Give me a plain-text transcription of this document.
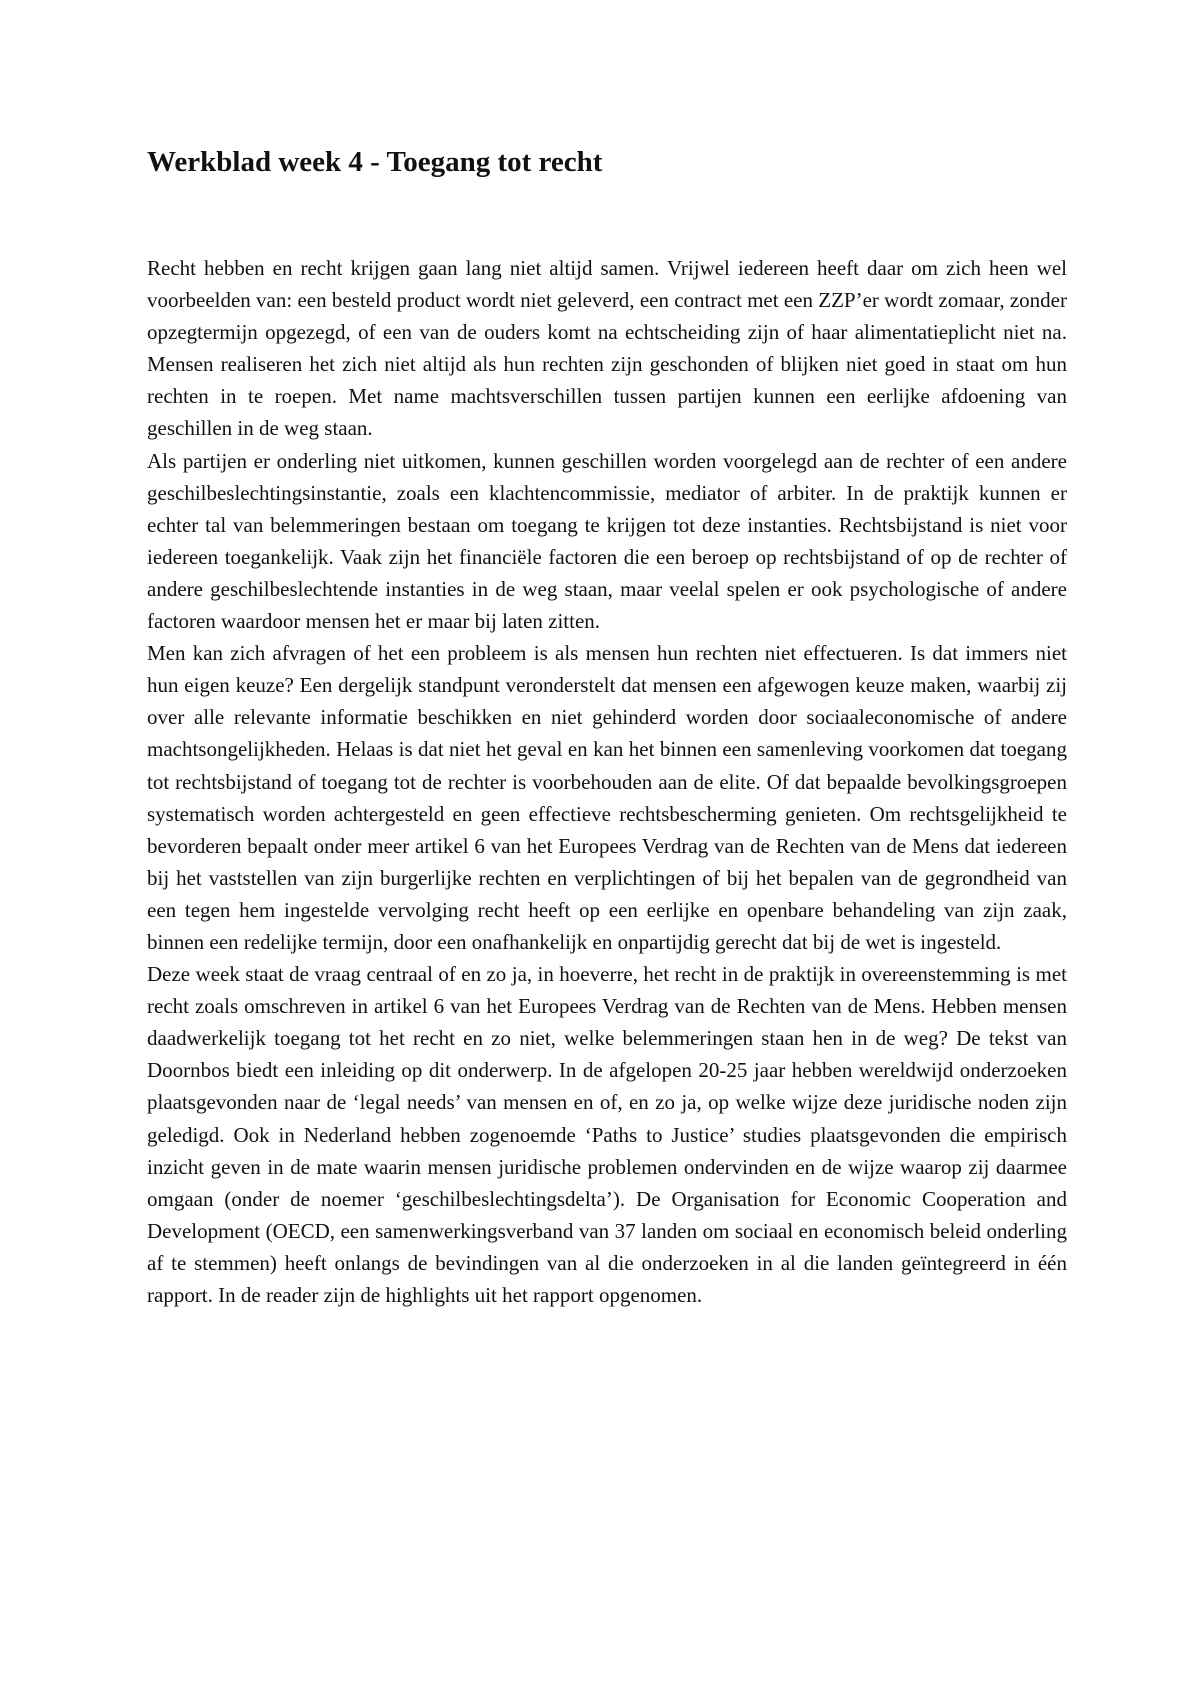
Werkblad week 4 - Toegang tot recht

Recht hebben en recht krijgen gaan lang niet altijd samen. Vrijwel iedereen heeft daar om zich heen wel voorbeelden van: een besteld product wordt niet geleverd, een contract met een ZZP’er wordt zomaar, zonder opzegtermijn opgezegd, of een van de ouders komt na echtscheiding zijn of haar alimentatieplicht niet na. Mensen realiseren het zich niet altijd als hun rechten zijn geschonden of blijken niet goed in staat om hun rechten in te roepen. Met name machtsverschillen tussen partijen kunnen een eerlijke afdoening van geschillen in de weg staan.

Als partijen er onderling niet uitkomen, kunnen geschillen worden voorgelegd aan de rechter of een andere geschilbeslechtingsinstantie, zoals een klachtencommissie, mediator of arbiter. In de praktijk kunnen er echter tal van belemmeringen bestaan om toegang te krijgen tot deze instanties. Rechtsbijstand is niet voor iedereen toegankelijk. Vaak zijn het financiële factoren die een beroep op rechtsbijstand of op de rechter of andere geschilbeslechtende instanties in de weg staan, maar veelal spelen er ook psychologische of andere factoren waardoor mensen het er maar bij laten zitten.

Men kan zich afvragen of het een probleem is als mensen hun rechten niet effectueren. Is dat immers niet hun eigen keuze? Een dergelijk standpunt veronderstelt dat mensen een afgewogen keuze maken, waarbij zij over alle relevante informatie beschikken en niet gehinderd worden door sociaaleconomische of andere machtsongelijkheden. Helaas is dat niet het geval en kan het binnen een samenleving voorkomen dat toegang tot rechtsbijstand of toegang tot de rechter is voorbehouden aan de elite. Of dat bepaalde bevolkingsgroepen systematisch worden achtergesteld en geen effectieve rechtsbescherming genieten. Om rechtsgelijkheid te bevorderen bepaalt onder meer artikel 6 van het Europees Verdrag van de Rechten van de Mens dat iedereen bij het vaststellen van zijn burgerlijke rechten en verplichtingen of bij het bepalen van de gegrondheid van een tegen hem ingestelde vervolging recht heeft op een eerlijke en openbare behandeling van zijn zaak, binnen een redelijke termijn, door een onafhankelijk en onpartijdig gerecht dat bij de wet is ingesteld.

Deze week staat de vraag centraal of en zo ja, in hoeverre, het recht in de praktijk in overeenstemming is met recht zoals omschreven in artikel 6 van het Europees Verdrag van de Rechten van de Mens. Hebben mensen daadwerkelijk toegang tot het recht en zo niet, welke belemmeringen staan hen in de weg? De tekst van Doornbos biedt een inleiding op dit onderwerp. In de afgelopen 20-25 jaar hebben wereldwijd onderzoeken plaatsgevonden naar de ‘legal needs’ van mensen en of, en zo ja, op welke wijze deze juridische noden zijn geledigd. Ook in Nederland hebben zogenoemde ‘Paths to Justice’ studies plaatsgevonden die empirisch inzicht geven in de mate waarin mensen juridische problemen ondervinden en de wijze waarop zij daarmee omgaan (onder de noemer ‘geschilbeslechtingsdelta’). De Organisation for Economic Cooperation and Development (OECD, een samenwerkingsverband van 37 landen om sociaal en economisch beleid onderling af te stemmen) heeft onlangs de bevindingen van al die onderzoeken in al die landen geïntegreerd in één rapport. In de reader zijn de highlights uit het rapport opgenomen.
